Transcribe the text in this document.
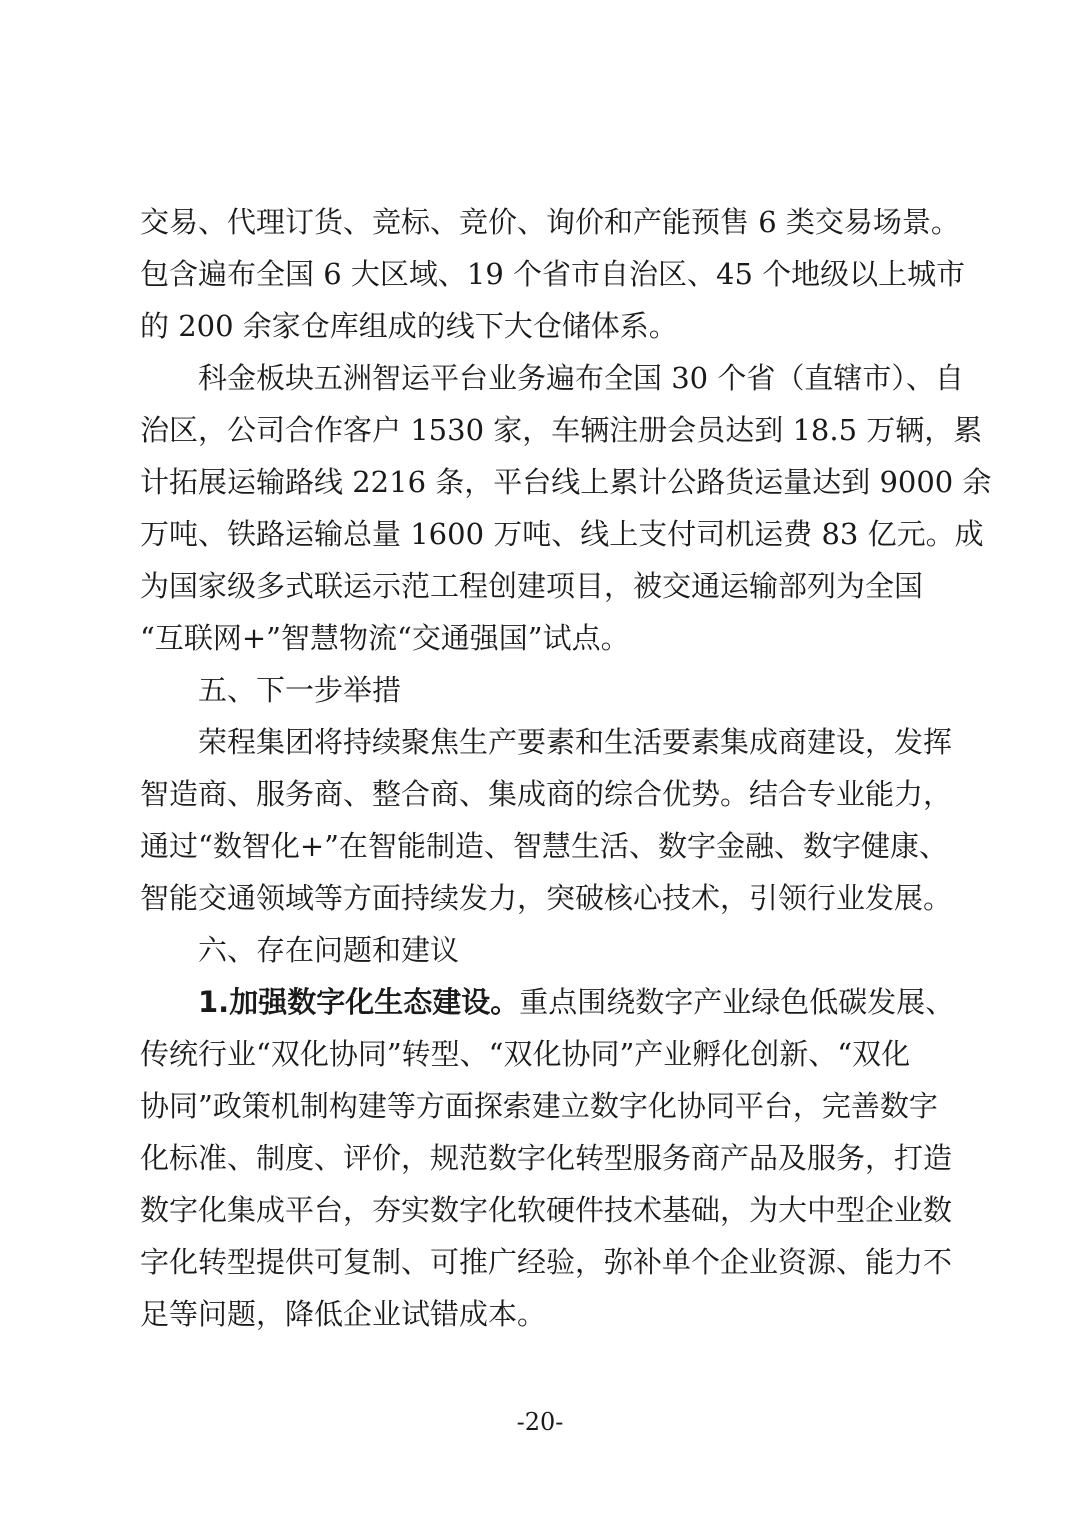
交易、代理订货、竞标、竞价、询价和产能预售 6 类交易场景。
包含遍布全国 6 大区域、19 个省市自治区、45 个地级以上城市
的 200 余家仓库组成的线下大仓储体系。
科金板块五洲智运平台业务遍布全国 30 个省（直辖市）、自
治区，公司合作客户 1530 家，车辆注册会员达到 18.5 万辆，累
计拓展运输路线 2216 条，平台线上累计公路货运量达到 9000 余
万吨、铁路运输总量 1600 万吨、线上支付司机运费 83 亿元。成
为国家级多式联运示范工程创建项目，被交通运输部列为全国
“互联网+”智慧物流“交通强国”试点。
五、下一步举措
荣程集团将持续聚焦生产要素和生活要素集成商建设，发挥
智造商、服务商、整合商、集成商的综合优势。结合专业能力，
通过“数智化+”在智能制造、智慧生活、数字金融、数字健康、
智能交通领域等方面持续发力，突破核心技术，引领行业发展。
六、存在问题和建议
1.加强数字化生态建设。 重点围绕数字产业绿色低碳发展、
传统行业“双化协同”转型、“双化协同”产业孵化创新、“双化
协同”政策机制构建等方面探索建立数字化协同平台，完善数字
化标准、制度、评价，规范数字化转型服务商产品及服务，打造
数字化集成平台，夯实数字化软硬件技术基础，为大中型企业数
字化转型提供可复制、可推广经验，弥补单个企业资源、能力不
足等问题，降低企业试错成本。
-20-
